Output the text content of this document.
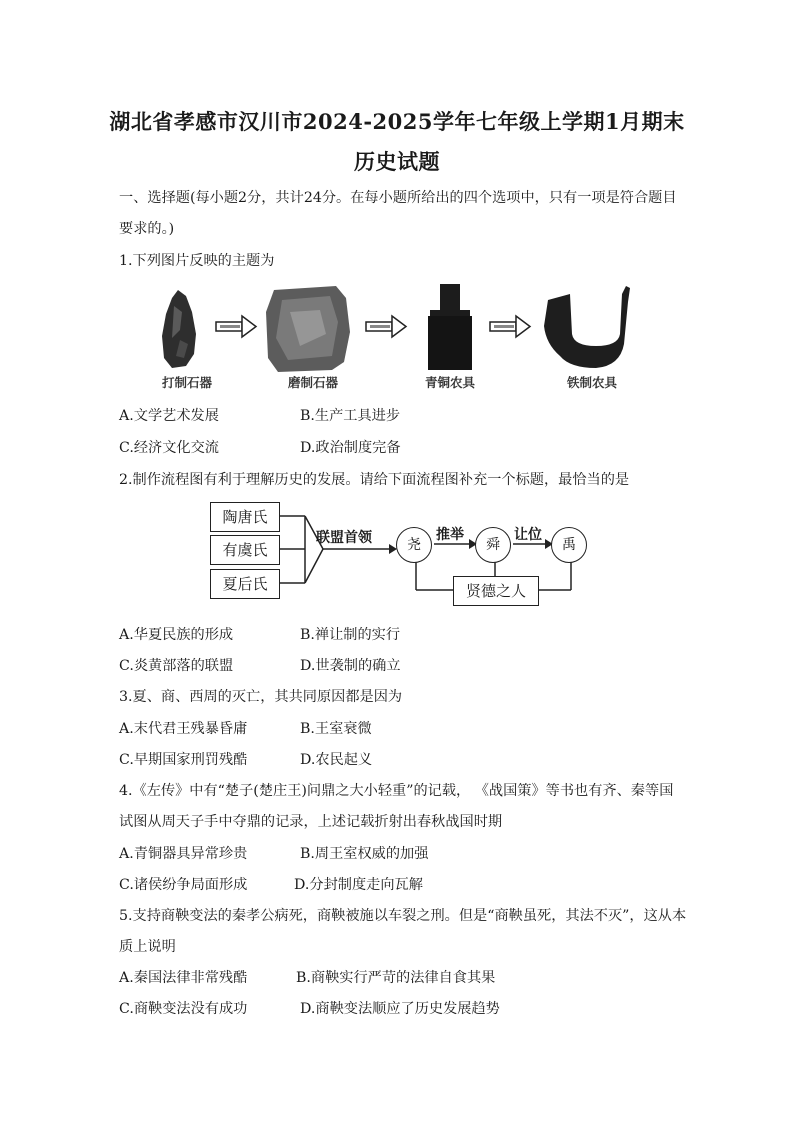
湖北省孝感市汉川市2024-2025学年七年级上学期1月期末
历史试题
一、选择题(每小题2分，共计24分。在每小题所给出的四个选项中，只有一项是符合题目
要求的。)
1.下列图片反映的主题为
打制石器	磨制石器	青铜农具	铁制农具
A.文学艺术发展	B.生产工具进步
C.经济文化交流	D.政治制度完备
2.制作流程图有利于理解历史的发展。请给下面流程图补充一个标题，最恰当的是
陶唐氏
有虞氏
夏后氏
联盟首领	尧
推举
舜
让位
禹
贤德之人
A.华夏民族的形成	B.禅让制的实行
C.炎黄部落的联盟	D.世袭制的确立
3.夏、商、西周的灭亡，其共同原因都是因为
A.末代君王残暴昏庸	B.王室衰微
C.早期国家刑罚残酷	D.农民起义
4.《左传》中有“楚子(楚庄王)问鼎之大小轻重”的记载， 《战国策》等书也有齐、秦等国
试图从周天子手中夺鼎的记录，上述记载折射出春秋战国时期
A.青铜器具异常珍贵	B.周王室权威的加强
C.诸侯纷争局面形成	D.分封制度走向瓦解
5.支持商鞅变法的秦孝公病死，商鞅被施以车裂之刑。但是“商鞅虽死，其法不灭”，这从本
质上说明
A.秦国法律非常残酷	B.商鞅实行严苛的法律自食其果
C.商鞅变法没有成功	D.商鞅变法顺应了历史发展趋势
